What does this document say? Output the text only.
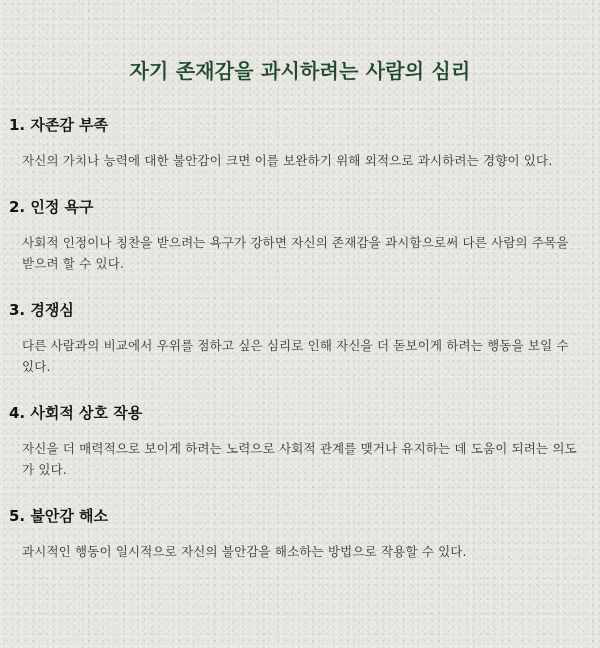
자기 존재감을 과시하려는 사람의 심리
1. 자존감 부족

자신의 가치나 능력에 대한 불안감이 크면 이를 보완하기 위해 외적으로 과시하려는 경향이 있다.

2. 인정 욕구

사회적 인정이나 칭찬을 받으려는 욕구가 강하면 자신의 존재감을 과시함으로써 다른 사람의 주목을 받으려 할 수 있다.

3. 경쟁심

다른 사람과의 비교에서 우위를 점하고 싶은 심리로 인해 자신을 더 돋보이게 하려는 행동을 보일 수 있다.

4. 사회적 상호 작용

자신을 더 매력적으로 보이게 하려는 노력으로 사회적 관계를 맺거나 유지하는 데 도움이 되려는 의도가 있다.

5. 불안감 해소

과시적인 행동이 일시적으로 자신의 불안감을 해소하는 방법으로 작용할 수 있다.
